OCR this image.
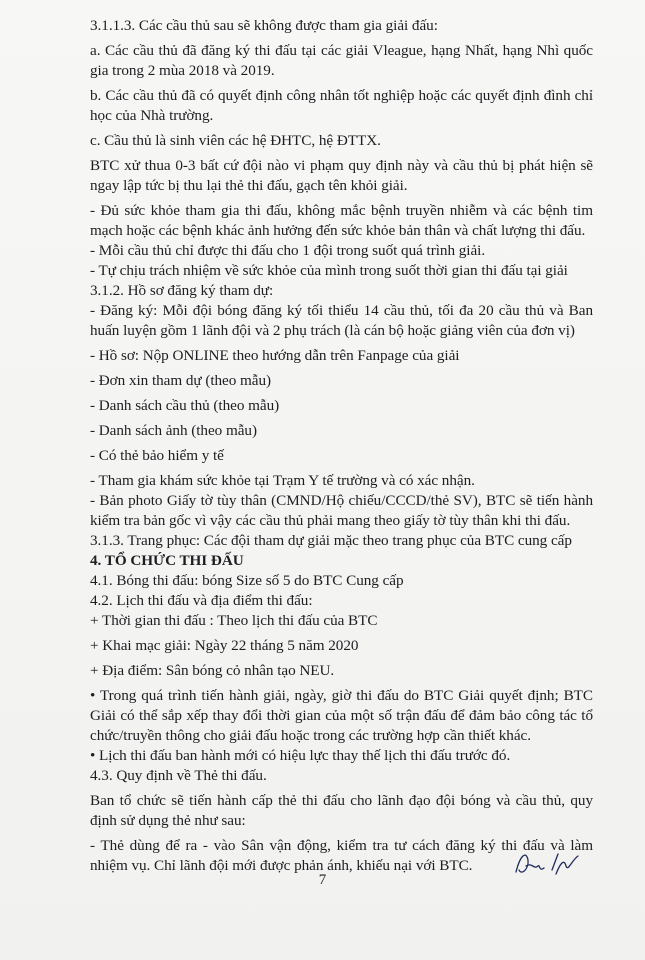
3.1.1.3. Các cầu thủ sau sẽ không được tham gia giải đấu:

a. Các cầu thủ đã đăng ký thi đấu tại các giải Vleague, hạng Nhất, hạng Nhì quốc gia trong 2 mùa 2018 và 2019.

b. Các cầu thủ đã có quyết định công nhân tốt nghiệp hoặc các quyết định đình chỉ học của Nhà trường.

c. Cầu thủ là sinh viên các hệ ĐHTC, hệ ĐTTX.

BTC xử thua 0-3 bất cứ đội nào vi phạm quy định này và cầu thủ bị phát hiện sẽ ngay lập tức bị thu lại thẻ thi đấu, gạch tên khỏi giải.

- Đủ sức khỏe tham gia thi đấu, không mắc bệnh truyền nhiễm và các bệnh tim mạch hoặc các bệnh khác ảnh hưởng đến sức khỏe bản thân và chất lượng thi đấu.

- Mỗi cầu thủ chỉ được thi đấu cho 1 đội trong suốt quá trình giải.

- Tự chịu trách nhiệm về sức khỏe của mình trong suốt thời gian thi đấu tại giải

3.1.2. Hồ sơ đăng ký tham dự:

- Đăng ký: Mỗi đội bóng đăng ký tối thiểu 14 cầu thủ, tối đa 20 cầu thủ và Ban huấn luyện gồm 1 lãnh đội và 2 phụ trách (là cán bộ hoặc giảng viên của đơn vị)

- Hồ sơ: Nộp ONLINE theo hướng dẫn trên Fanpage của giải

- Đơn xin tham dự (theo mẫu)

- Danh sách cầu thủ (theo mẫu)

- Danh sách ảnh (theo mẫu)

- Có thẻ bảo hiểm y tế

- Tham gia khám sức khỏe tại Trạm Y tế trường và có xác nhận.

- Bản photo Giấy tờ tùy thân (CMND/Hộ chiếu/CCCD/thẻ SV), BTC sẽ tiến hành kiểm tra bản gốc vì vậy các cầu thủ phải mang theo giấy tờ tùy thân khi thi đấu.

3.1.3. Trang phục: Các đội tham dự giải mặc theo trang phục của BTC cung cấp

4. TỔ CHỨC THI ĐẤU

4.1. Bóng thi đấu: bóng Size số 5 do BTC Cung cấp

4.2. Lịch thi đấu và địa điểm thi đấu:

+ Thời gian thi đấu : Theo lịch thi đấu của BTC

+ Khai mạc giải: Ngày 22 tháng 5 năm 2020

+ Địa điểm: Sân bóng cỏ nhân tạo NEU.

• Trong quá trình tiến hành giải, ngày, giờ thi đấu do BTC Giải quyết định; BTC Giải có thể sắp xếp thay đổi thời gian của một số trận đấu để đảm bảo công tác tổ chức/truyền thông cho giải đấu hoặc trong các trường hợp cần thiết khác.

• Lịch thi đấu ban hành mới có hiệu lực thay thế lịch thi đấu trước đó.

4.3. Quy định về Thẻ thi đấu.

Ban tổ chức sẽ tiến hành cấp thẻ thi đấu cho lãnh đạo đội bóng và cầu thủ, quy định sử dụng thẻ như sau:

- Thẻ dùng để ra - vào Sân vận động, kiểm tra tư cách đăng ký thi đấu và làm nhiệm vụ. Chỉ lãnh đội mới được phản ánh, khiếu nại với BTC.

7
